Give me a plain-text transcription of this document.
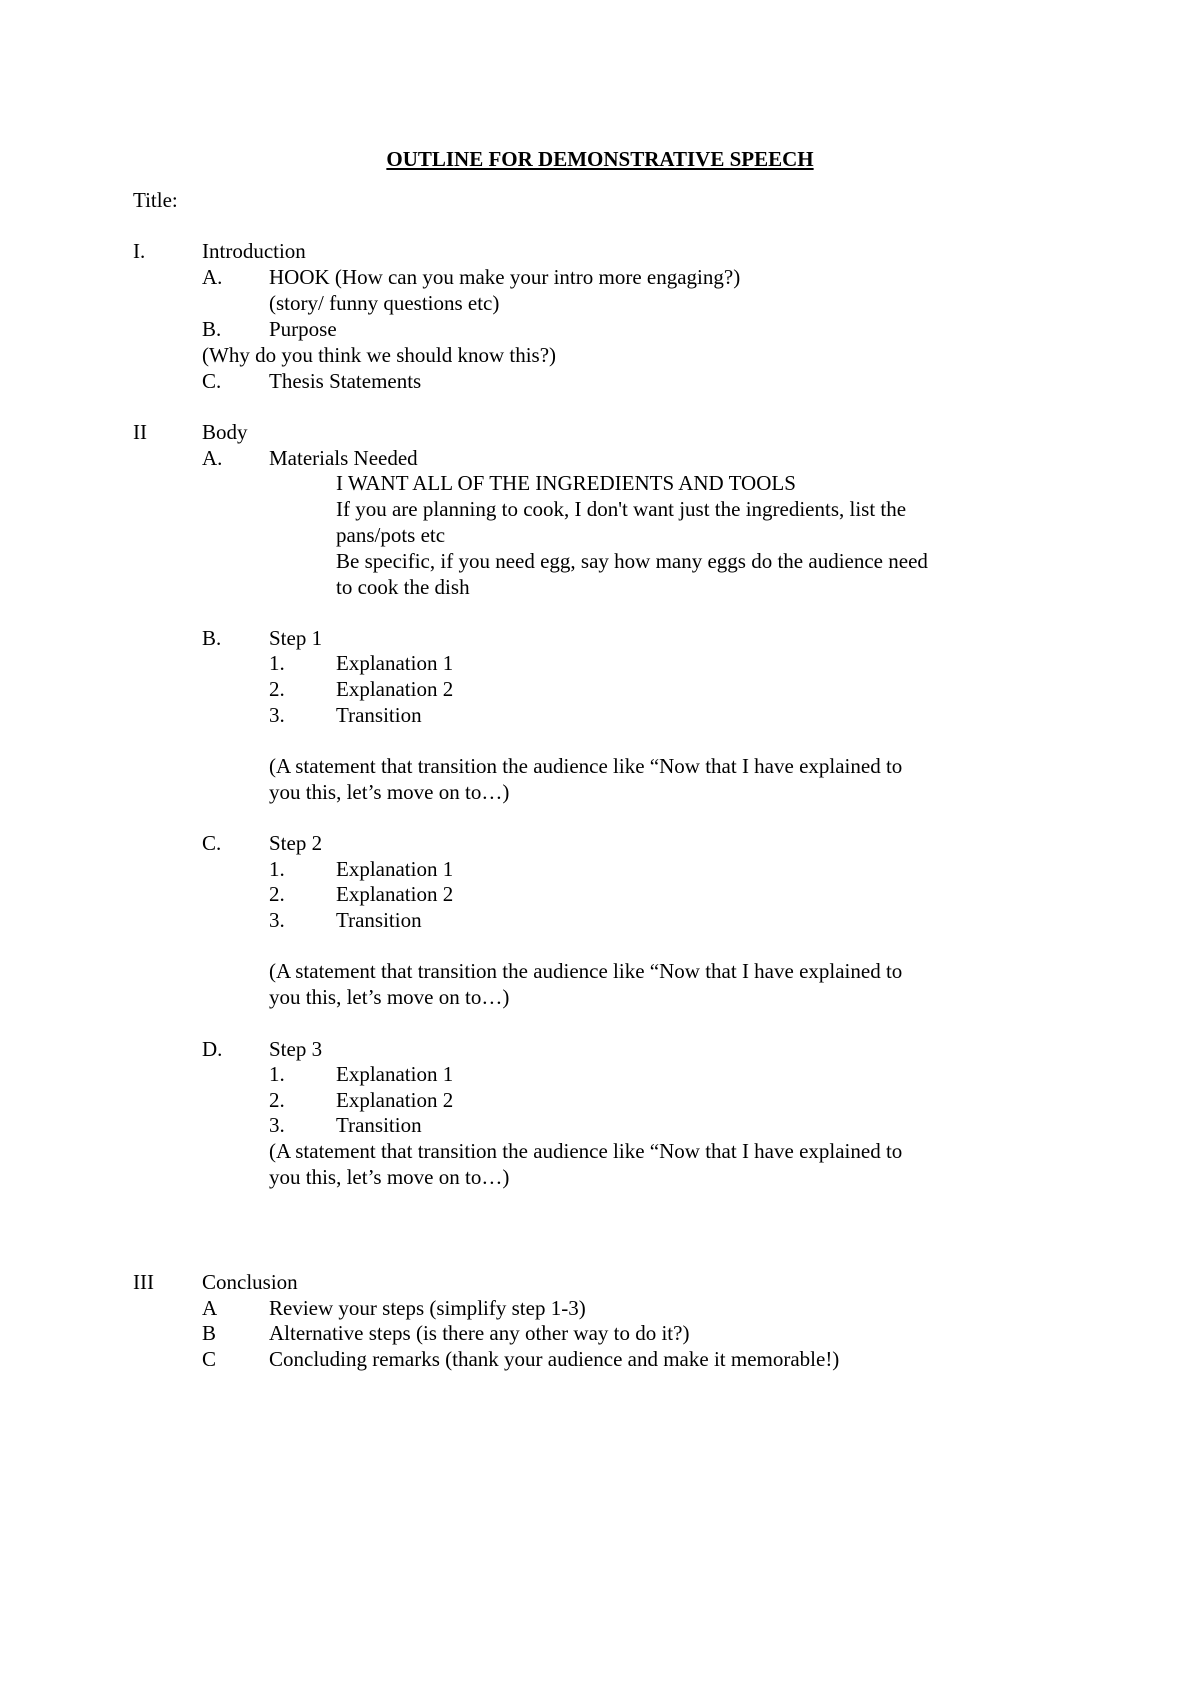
OUTLINE FOR DEMONSTRATIVE SPEECH
Title:
I.	Introduction
A. HOOK (How can you make your intro more engaging?)
(story/ funny questions etc)
B. Purpose
(Why do you think we should know this?)
C. Thesis Statements
II	Body
A. Materials Needed
I WANT ALL OF THE INGREDIENTS AND TOOLS
If you are planning to cook, I don't want just the ingredients, list the
pans/pots etc
Be specific, if you need egg, say how many eggs do the audience need
to cook the dish
B. Step 1
1. Explanation 1
2. Explanation 2
3. Transition
(A statement that transition the audience like “Now that I have explained to
you this, let’s move on to…)
C. Step 2
1. Explanation 1
2. Explanation 2
3. Transition
(A statement that transition the audience like “Now that I have explained to
you this, let’s move on to…)
D. Step 3
1. Explanation 1
2. Explanation 2
3. Transition
(A statement that transition the audience like “Now that I have explained to
you this, let’s move on to…)
III Conclusion
A Review your steps (simplify step 1-3)
B	Alternative steps (is there any other way to do it?)
C	Concluding remarks (thank your audience and make it memorable!)
